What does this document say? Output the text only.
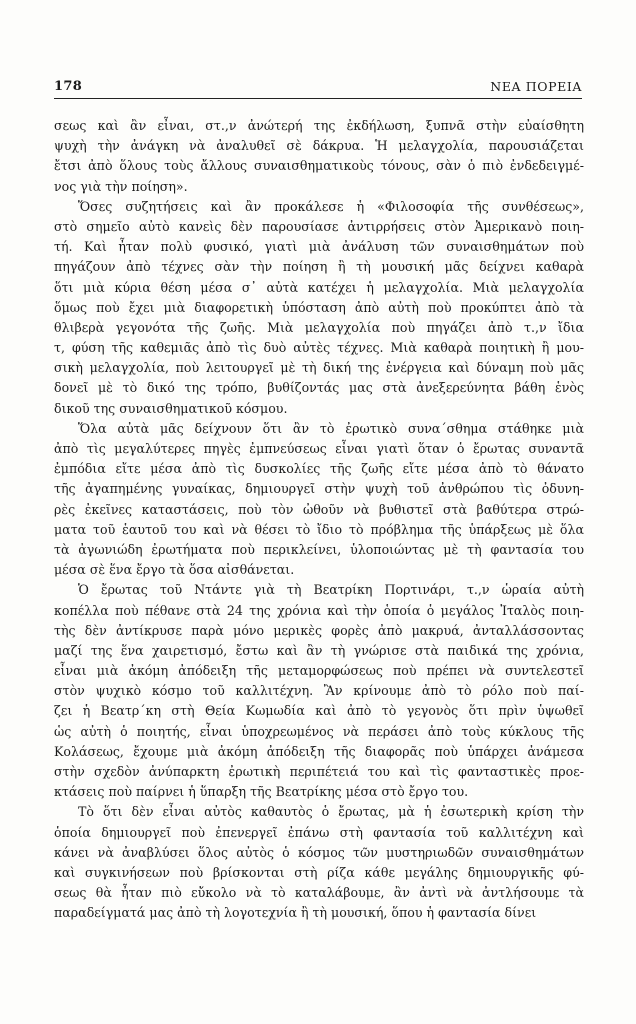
178	ΝΕΑ ΠΟΡΕΙΑ
σεως καὶ ἂν εἶναι, στ.,ν ἀνώτερή της ἐκδήλωση, ξυπνᾶ στὴν εὐαίσθητη
ψυχὴ τὴν ἀνάγκη νὰ ἀναλυθεῖ σὲ δάκρυα. Ἡ μελαγχολία, παρουσιάζεται
ἔτσι ἀπὸ ὅλους τοὺς ἄλλους συναισθηματικοὺς τόνους, σὰν ὁ πιὸ ἐνδεδειγμέ-
νος γιὰ τὴν ποίηση».
Ὅσες συζητήσεις καὶ ἂν προκάλεσε ἡ «Φιλοσοφία τῆς συνθέσεως»,
στὸ σημεῖο αὐτὸ κανεὶς δὲν παρουσίασε ἀντιρρήσεις στὸν Ἀμερικανὸ ποιη-
τή. Καὶ ἦταν πολὺ φυσικό, γιατὶ μιὰ ἀνάλυση τῶν συναισθημάτων ποὺ
πηγάζουν ἀπὸ τέχνες σὰν τὴν ποίηση ἢ τὴ μουσική μᾶς δείχνει καθαρὰ
ὅτι μιὰ κύρια θέση μέσα σ᾽ αὐτὰ κατέχει ἡ μελαγχολία. Μιὰ μελαγχολία
ὅμως ποὺ ἔχει μιὰ διαφορετικὴ ὑπόσταση ἀπὸ αὐτὴ ποὺ προκύπτει ἀπὸ τὰ
θλιβερὰ γεγονότα τῆς ζωῆς. Μιὰ μελαγχολία ποὺ πηγάζει ἀπὸ τ.,ν ἴδια
τ, φύση τῆς καθεμιᾶς ἀπὸ τὶς δυὸ αὐτὲς τέχνες. Μιὰ καθαρὰ ποιητικὴ ἢ μου-
σικὴ μελαγχολία, ποὺ λειτουργεῖ μὲ τὴ δική της ἐνέργεια καὶ δύναμη ποὺ μᾶς
δονεῖ μὲ τὸ δικό της τρόπο, βυθίζοντάς μας στὰ ἀνεξερεύνητα βάθη ἑνὸς
δικοῦ της συναισθηματικοῦ κόσμου.
Ὅλα αὐτὰ μᾶς δείχνουν ὅτι ἂν τὸ ἐρωτικὸ συνα΄σθημα στάθηκε μιὰ
ἀπὸ τὶς μεγαλύτερες πηγὲς ἐμπνεύσεως εἶναι γιατὶ ὅταν ὁ ἔρωτας συναντᾶ
ἐμπόδια εἴτε μέσα ἀπὸ τὶς δυσκολίες τῆς ζωῆς εἴτε μέσα ἀπὸ τὸ θάνατο
τῆς ἀγαπημένης γυναίκας, δημιουργεῖ στὴν ψυχὴ τοῦ ἀνθρώπου τὶς ὀδυνη-
ρὲς ἐκεῖνες καταστάσεις, ποὺ τὸν ὠθοῦν νὰ βυθιστεῖ στὰ βαθύτερα στρώ-
ματα τοῦ ἑαυτοῦ του καὶ νὰ θέσει τὸ ἴδιο τὸ πρόβλημα τῆς ὑπάρξεως μὲ ὅλα
τὰ ἀγωνιώδη ἐρωτήματα ποὺ περικλείνει, ὑλοποιώντας μὲ τὴ φαντασία του
μέσα σὲ ἕνα ἔργο τὰ ὅσα αἰσθάνεται.
Ὁ ἔρωτας τοῦ Ντάντε γιὰ τὴ Βεατρίκη Πορτινάρι, τ.,ν ὡραία αὐτὴ
κοπέλλα ποὺ πέθανε στὰ 24 της χρόνια καὶ τὴν ὁποία ὁ μεγάλος Ἰταλὸς ποιη-
τὴς δὲν ἀντίκρυσε παρὰ μόνο μερικὲς φορὲς ἀπὸ μακρυά, ἀνταλλάσσοντας
μαζί της ἕνα χαιρετισμό, ἔστω καὶ ἂν τὴ γνώρισε στὰ παιδικά της χρόνια,
εἶναι μιὰ ἀκόμη ἀπόδειξη τῆς μεταμορφώσεως ποὺ πρέπει νὰ συντελεστεῖ
στὸν ψυχικὸ κόσμο τοῦ καλλιτέχνη. Ἂν κρίνουμε ἀπὸ τὸ ρόλο ποὺ παί-
ζει ἡ Βεατρ΄κη στὴ Θεία Κωμωδία καὶ ἀπὸ τὸ γεγονὸς ὅτι πρὶν ὑψωθεῖ
ὡς αὐτὴ ὁ ποιητής, εἶναι ὑποχρεωμένος νὰ περάσει ἀπὸ τοὺς κύκλους τῆς
Κολάσεως, ἔχουμε μιὰ ἀκόμη ἀπόδειξη τῆς διαφορᾶς ποὺ ὑπάρχει ἀνάμεσα
στὴν σχεδὸν ἀνύπαρκτη ἐρωτικὴ περιπέτειά του καὶ τὶς φανταστικὲς προε-
κτάσεις ποὺ παίρνει ἡ ὕπαρξη τῆς Βεατρίκης μέσα στὸ ἔργο του.
Τὸ ὅτι δὲν εἶναι αὐτὸς καθαυτὸς ὁ ἔρωτας, μὰ ἡ ἐσωτερικὴ κρίση τὴν
ὁποία δημιουργεῖ ποὺ ἐπενεργεῖ ἐπάνω στὴ φαντασία τοῦ καλλιτέχνη καὶ
κάνει νὰ ἀναβλύσει ὅλος αὐτὸς ὁ κόσμος τῶν μυστηριωδῶν συναισθημάτων
καὶ συγκινήσεων ποὺ βρίσκονται στὴ ρίζα κάθε μεγάλης δημιουργικῆς φύ-
σεως θὰ ἦταν πιὸ εὔκολο νὰ τὸ καταλάβουμε, ἂν ἀντὶ νὰ ἀντλήσουμε τὰ
παραδείγματά μας ἀπὸ τὴ λογοτεχνία ἢ τὴ μουσική, ὅπου ἡ φαντασία δίνει
